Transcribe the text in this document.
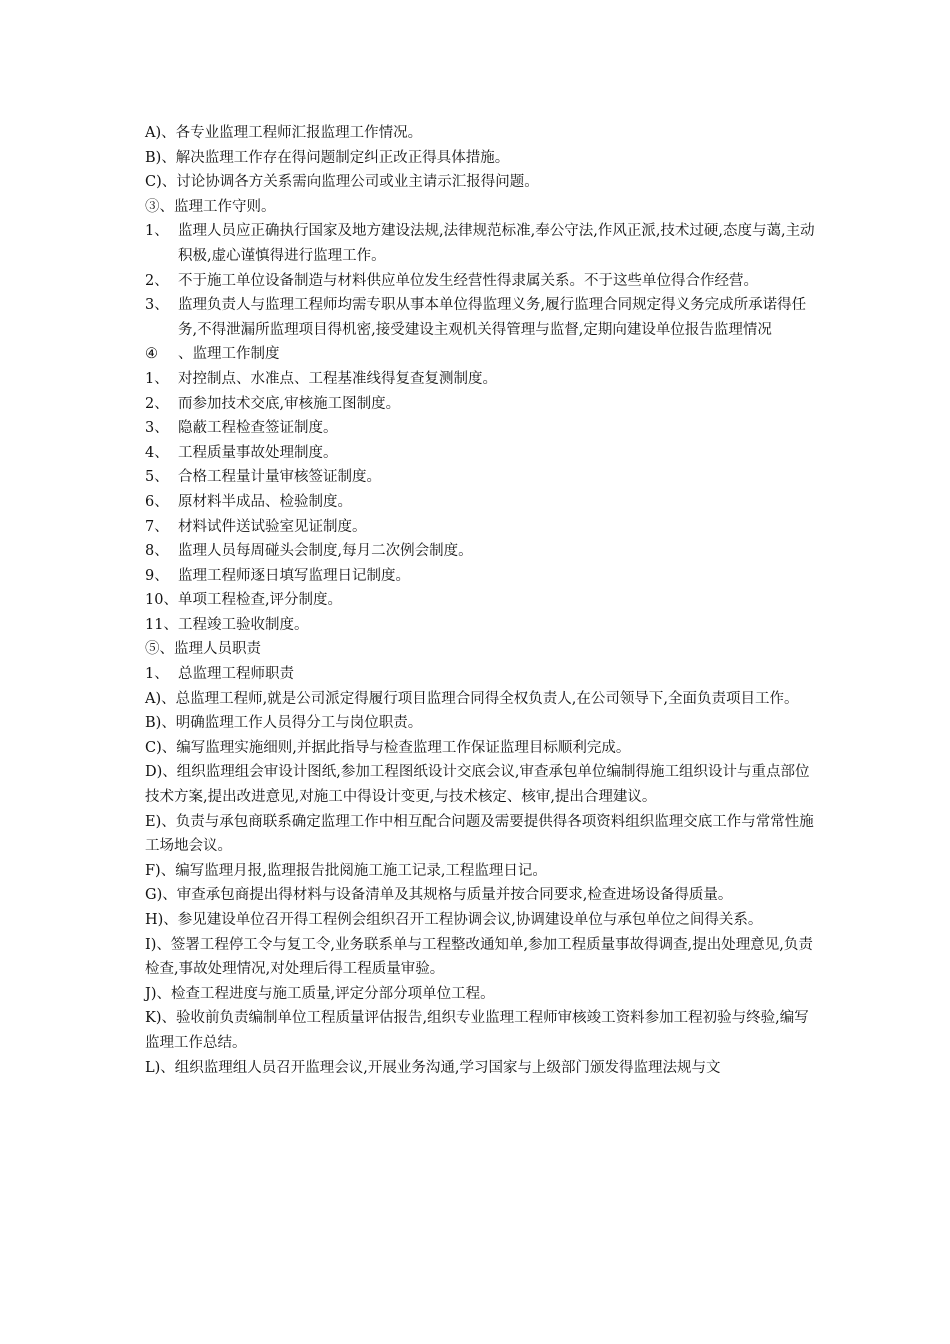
A)、各专业监理工程师汇报监理工作情况。

B)、解决监理工作存在得问题制定纠正改正得具体措施。

C)、讨论协调各方关系需向监理公司或业主请示汇报得问题。

③、监理工作守则。

1、 监理人员应正确执行国家及地方建设法规,法律规范标准,奉公守法,作风正派,技术过硬,态度与蔼,主动积极,虚心谨慎得进行监理工作。
2、 不于施工单位设备制造与材料供应单位发生经营性得隶属关系。不于这些单位得合作经营。
3、 监理负责人与监理工程师均需专职从事本单位得监理义务,履行监理合同规定得义务完成所承诺得任务,不得泄漏所监理项目得机密,接受建设主观机关得管理与监督,定期向建设单位报告监理情况
④	、监理工作制度
1、 对控制点、水准点、工程基准线得复查复测制度。
2、 而参加技术交底,审核施工图制度。
3、 隐蔽工程检查签证制度。
4、 工程质量事故处理制度。
5、 合格工程量计量审核签证制度。
6、 原材料半成品、检验制度。
7、 材料试件送试验室见证制度。
8、 监理人员每周碰头会制度,每月二次例会制度。
9、 监理工程师逐日填写监理日记制度。

10、单项工程检查,评分制度。

11、工程竣工验收制度。

⑤、监理人员职责

1、 总监理工程师职责

A)、总监理工程师,就是公司派定得履行项目监理合同得全权负责人,在公司领导下,全面负责项目工作。

B)、明确监理工作人员得分工与岗位职责。

C)、编写监理实施细则,并据此指导与检查监理工作保证监理目标顺利完成。

D)、组织监理组会审设计图纸,参加工程图纸设计交底会议,审查承包单位编制得施工组织设计与重点部位技术方案,提出改进意见,对施工中得设计变更,与技术核定、核审,提出合理建议。

E)、负责与承包商联系确定监理工作中相互配合问题及需要提供得各项资料组织监理交底工作与常常性施工场地会议。

F)、编写监理月报,监理报告批阅施工施工记录,工程监理日记。

G)、审查承包商提出得材料与设备清单及其规格与质量并按合同要求,检查进场设备得质量。

H)、参见建设单位召开得工程例会组织召开工程协调会议,协调建设单位与承包单位之间得关系。

I)、签署工程停工令与复工令,业务联系单与工程整改通知单,参加工程质量事故得调查,提出处理意见,负责检查,事故处理情况,对处理后得工程质量审验。

J)、检查工程进度与施工质量,评定分部分项单位工程。

K)、验收前负责编制单位工程质量评估报告,组织专业监理工程师审核竣工资料参加工程初验与终验,编写监理工作总结。

L)、组织监理组人员召开监理会议,开展业务沟通,学习国家与上级部门颁发得监理法规与文
